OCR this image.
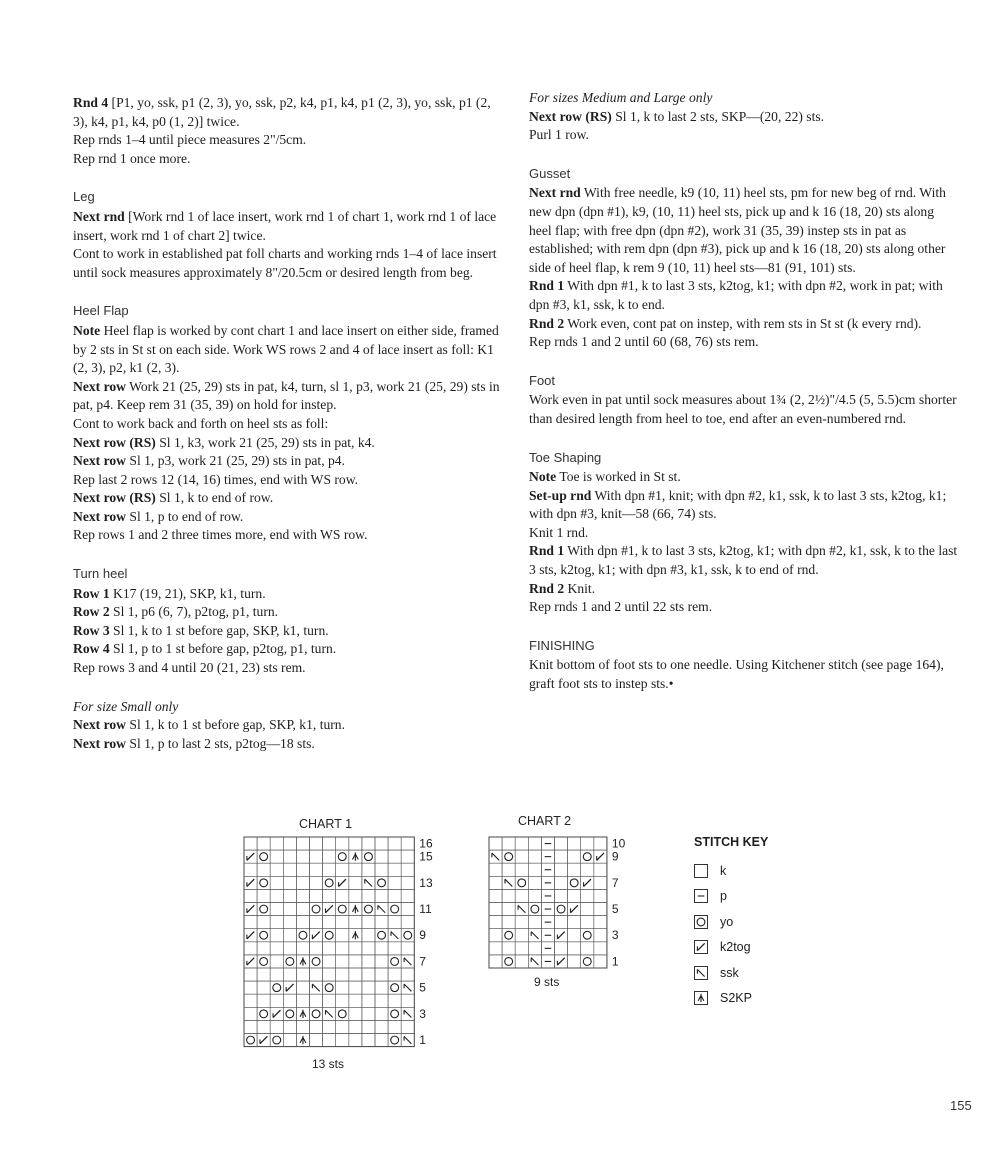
Rnd 4 [P1, yo, ssk, p1 (2, 3), yo, ssk, p2, k4, p1, k4, p1 (2, 3), yo, ssk, p1 (2, 3), k4, p1, k4, p0 (1, 2)] twice.

Rep rnds 1–4 until piece measures 2"/5cm.

Rep rnd 1 once more.

Leg

Next rnd [Work rnd 1 of lace insert, work rnd 1 of chart 1, work rnd 1 of lace insert, work rnd 1 of chart 2] twice.

Cont to work in established pat foll charts and working rnds 1–4 of lace insert until sock measures approximately 8"/20.5cm or desired length from beg.

Heel Flap

Note Heel flap is worked by cont chart 1 and lace insert on either side, framed by 2 sts in St st on each side. Work WS rows 2 and 4 of lace insert as foll: K1 (2, 3), p2, k1 (2, 3).

Next row Work 21 (25, 29) sts in pat, k4, turn, sl 1, p3, work 21 (25, 29) sts in pat, p4. Keep rem 31 (35, 39) on hold for instep.

Cont to work back and forth on heel sts as foll:

Next row (RS) Sl 1, k3, work 21 (25, 29) sts in pat, k4.

Next row Sl 1, p3, work 21 (25, 29) sts in pat, p4.

Rep last 2 rows 12 (14, 16) times, end with WS row.

Next row (RS) Sl 1, k to end of row.

Next row Sl 1, p to end of row.

Rep rows 1 and 2 three times more, end with WS row.

Turn heel

Row 1 K17 (19, 21), SKP, k1, turn.

Row 2 Sl 1, p6 (6, 7), p2tog, p1, turn.

Row 3 Sl 1, k to 1 st before gap, SKP, k1, turn.

Row 4 Sl 1, p to 1 st before gap, p2tog, p1, turn.

Rep rows 3 and 4 until 20 (21, 23) sts rem.

For size Small only

Next row Sl 1, k to 1 st before gap, SKP, k1, turn.

Next row Sl 1, p to last 2 sts, p2tog—18 sts.

For sizes Medium and Large only

Next row (RS) Sl 1, k to last 2 sts, SKP—(20, 22) sts.

Purl 1 row.

Gusset

Next rnd With free needle, k9 (10, 11) heel sts, pm for new beg of rnd. With new dpn (dpn #1), k9, (10, 11) heel sts, pick up and k 16 (18, 20) sts along heel flap; with free dpn (dpn #2), work 31 (35, 39) instep sts in pat as established; with rem dpn (dpn #3), pick up and k 16 (18, 20) sts along other side of heel flap, k rem 9 (10, 11) heel sts—81 (91, 101) sts.

Rnd 1 With dpn #1, k to last 3 sts, k2tog, k1; with dpn #2, work in pat; with dpn #3, k1, ssk, k to end.

Rnd 2 Work even, cont pat on instep, with rem sts in St st (k every rnd).

Rep rnds 1 and 2 until 60 (68, 76) sts rem.

Foot

Work even in pat until sock measures about 1¾ (2, 2½)"/4.5 (5, 5.5)cm shorter than desired length from heel to toe, end after an even-numbered rnd.

Toe Shaping

Note Toe is worked in St st.

Set-up rnd With dpn #1, knit; with dpn #2, k1, ssk, k to last 3 sts, k2tog, k1; with dpn #3, knit—58 (66, 74) sts.

Knit 1 rnd.

Rnd 1 With dpn #1, k to last 3 sts, k2tog, k1; with dpn #2, k1, ssk, k to the last 3 sts, k2tog, k1; with dpn #3, k1, ssk, k to end of rnd.

Rnd 2 Knit.

Rep rnds 1 and 2 until 22 sts rem.

FINISHING

Knit bottom of foot sts to one needle. Using Kitchener stitch (see page 164), graft foot sts to instep sts.•

CHART 1
16
15
13
11
9
7
5
3
1
13 sts
CHART 2
10
9
7
5
3
1
9 sts
STITCH KEY
k
p
yo
k2tog
ssk
S2KP
155
